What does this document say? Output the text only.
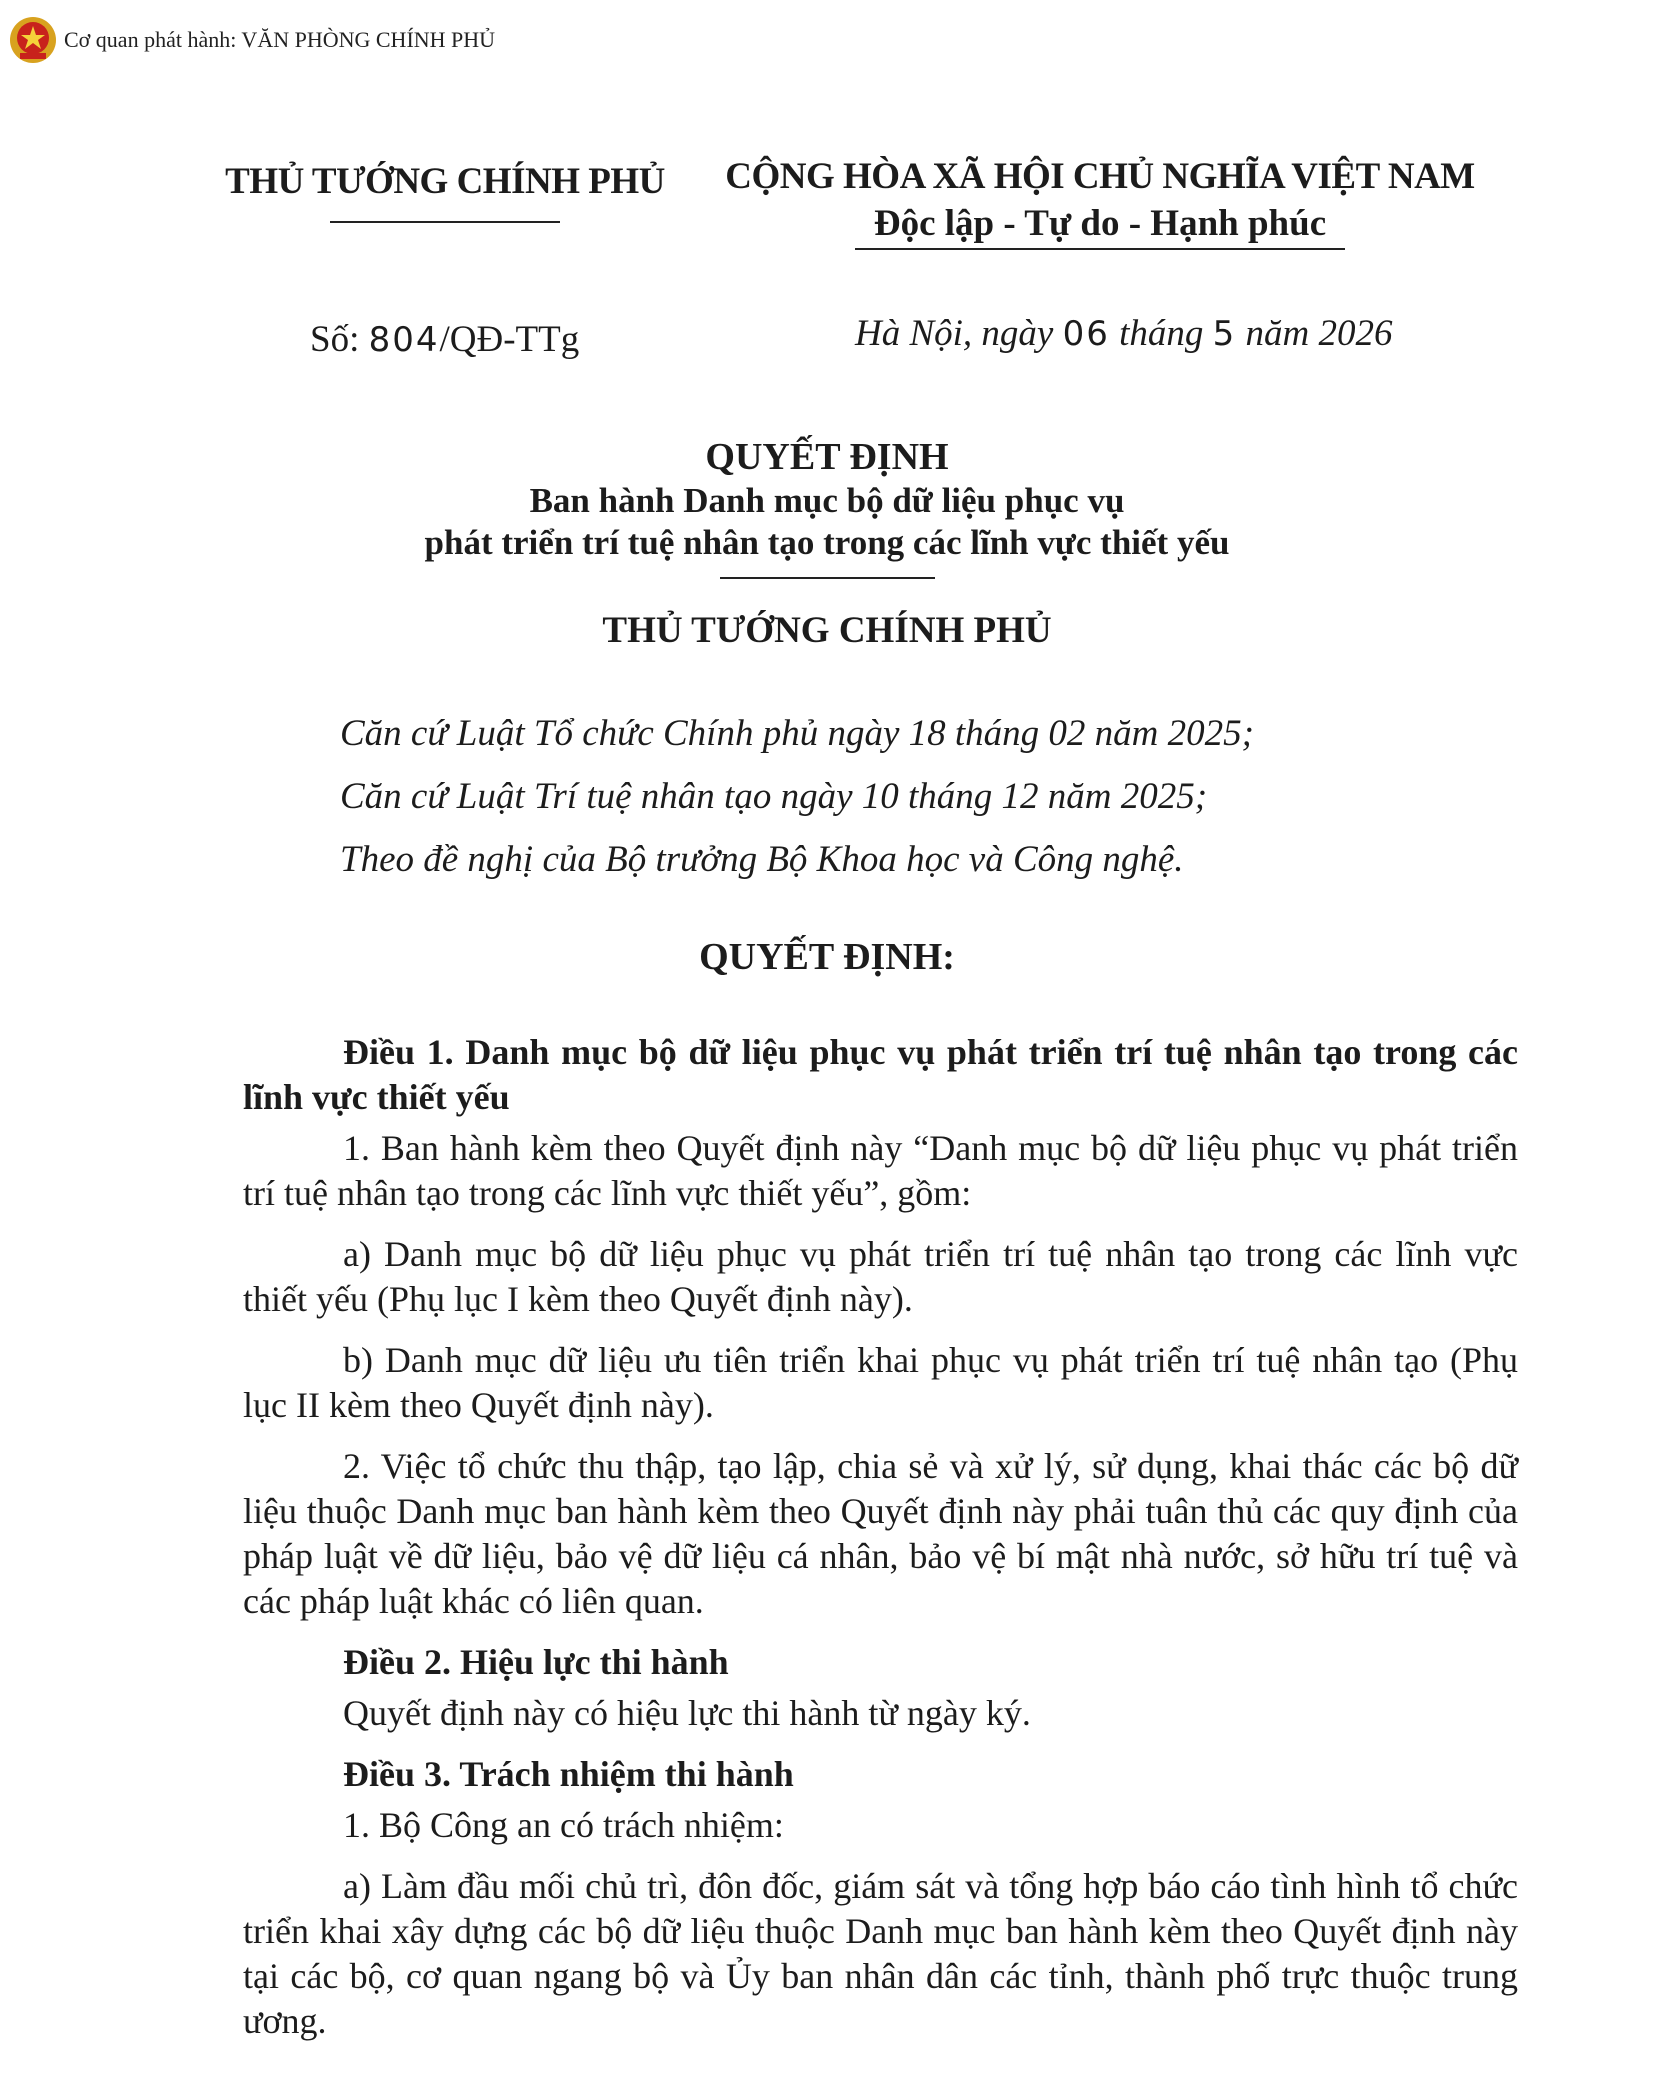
Cơ quan phát hành: VĂN PHÒNG CHÍNH PHỦ
THỦ TƯỚNG CHÍNH PHỦ	CỘNG HÒA XÃ HỘI CHỦ NGHĨA VIỆT NAM
Độc lập - Tự do - Hạnh phúc
Số: 804/QĐ-TTg	Hà Nội, ngày 06 tháng 5 năm 2026
QUYẾT ĐỊNH
Ban hành Danh mục bộ dữ liệu phục vụ
phát triển trí tuệ nhân tạo trong các lĩnh vực thiết yếu
THỦ TƯỚNG CHÍNH PHỦ
Căn cứ Luật Tổ chức Chính phủ ngày 18 tháng 02 năm 2025;
Căn cứ Luật Trí tuệ nhân tạo ngày 10 tháng 12 năm 2025;
Theo đề nghị của Bộ trưởng Bộ Khoa học và Công nghệ.
QUYẾT ĐỊNH:

Điều 1. Danh mục bộ dữ liệu phục vụ phát triển trí tuệ nhân tạo trong các lĩnh vực thiết yếu

1. Ban hành kèm theo Quyết định này “Danh mục bộ dữ liệu phục vụ phát triển trí tuệ nhân tạo trong các lĩnh vực thiết yếu”, gồm:

a) Danh mục bộ dữ liệu phục vụ phát triển trí tuệ nhân tạo trong các lĩnh vực thiết yếu (Phụ lục I kèm theo Quyết định này).

b) Danh mục dữ liệu ưu tiên triển khai phục vụ phát triển trí tuệ nhân tạo (Phụ lục II kèm theo Quyết định này).

2. Việc tổ chức thu thập, tạo lập, chia sẻ và xử lý, sử dụng, khai thác các bộ dữ liệu thuộc Danh mục ban hành kèm theo Quyết định này phải tuân thủ các quy định của pháp luật về dữ liệu, bảo vệ dữ liệu cá nhân, bảo vệ bí mật nhà nước, sở hữu trí tuệ và các pháp luật khác có liên quan.

Điều 2. Hiệu lực thi hành

Quyết định này có hiệu lực thi hành từ ngày ký.

Điều 3. Trách nhiệm thi hành

1. Bộ Công an có trách nhiệm:

a) Làm đầu mối chủ trì, đôn đốc, giám sát và tổng hợp báo cáo tình hình tổ chức triển khai xây dựng các bộ dữ liệu thuộc Danh mục ban hành kèm theo Quyết định này tại các bộ, cơ quan ngang bộ và Ủy ban nhân dân các tỉnh, thành phố trực thuộc trung ương.
